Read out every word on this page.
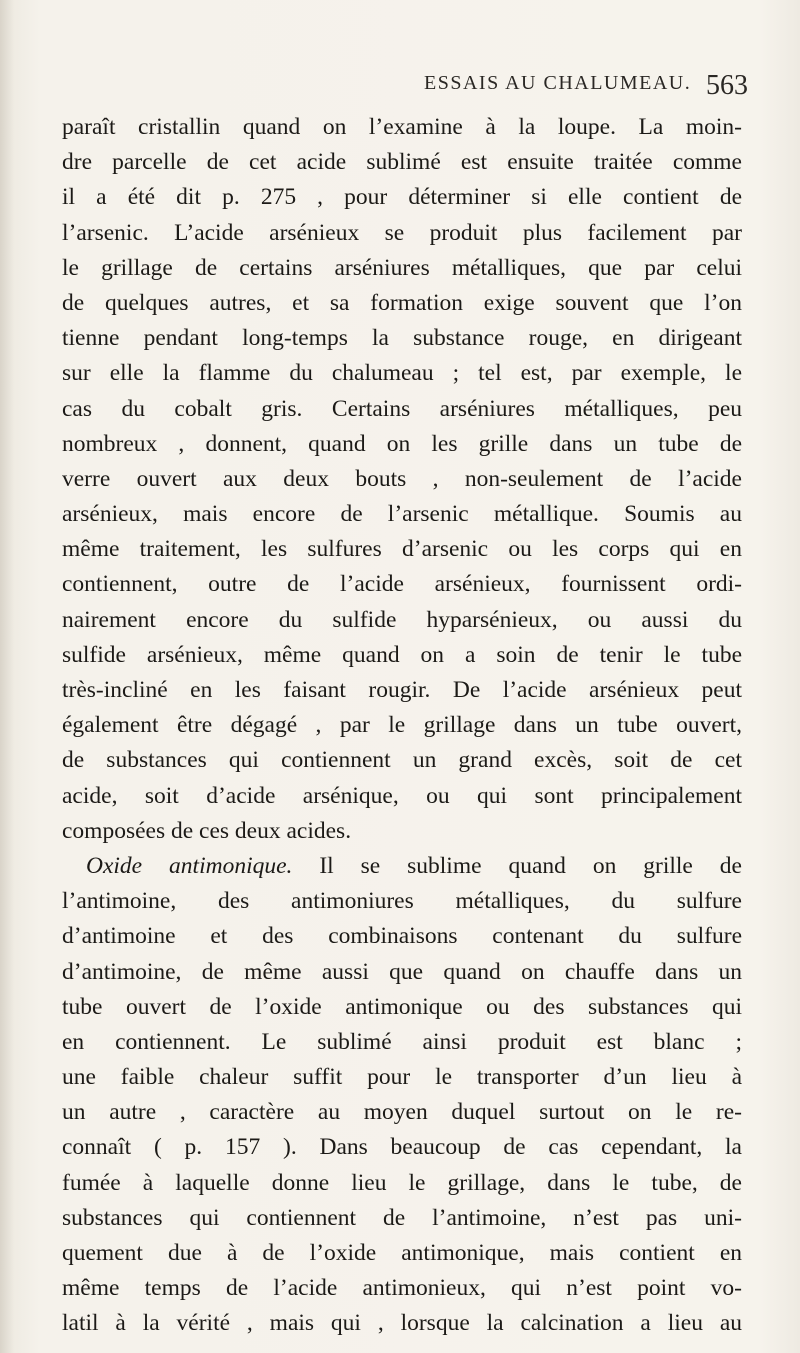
ESSAIS AU CHALUMEAU. 563
paraît cristallin quand on l’examine à la loupe. La moin-
dre parcelle de cet acide sublimé est ensuite traitée comme
il a été dit p. 275 , pour déterminer si elle contient de
l’arsenic. L’acide arsénieux se produit plus facilement par
le grillage de certains arséniures métalliques, que par celui
de quelques autres, et sa formation exige souvent que l’on
tienne pendant long-temps la substance rouge, en dirigeant
sur elle la flamme du chalumeau ; tel est, par exemple, le
cas du cobalt gris. Certains arséniures métalliques, peu
nombreux , donnent, quand on les grille dans un tube de
verre ouvert aux deux bouts , non-seulement de l’acide
arsénieux, mais encore de l’arsenic métallique. Soumis au
même traitement, les sulfures d’arsenic ou les corps qui en
contiennent, outre de l’acide arsénieux, fournissent ordi-
nairement encore du sulfide hyparsénieux, ou aussi du
sulfide arsénieux, même quand on a soin de tenir le tube
très-incliné en les faisant rougir. De l’acide arsénieux peut
également être dégagé , par le grillage dans un tube ouvert,
de substances qui contiennent un grand excès, soit de cet
acide, soit d’acide arsénique, ou qui sont principalement
composées de ces deux acides.
Oxide antimonique. Il se sublime quand on grille de
l’antimoine, des antimoniures métalliques, du sulfure
d’antimoine et des combinaisons contenant du sulfure
d’antimoine, de même aussi que quand on chauffe dans un
tube ouvert de l’oxide antimonique ou des substances qui
en contiennent. Le sublimé ainsi produit est blanc ;
une faible chaleur suffit pour le transporter d’un lieu à
un autre , caractère au moyen duquel surtout on le re-
connaît ( p. 157 ). Dans beaucoup de cas cependant, la
fumée à laquelle donne lieu le grillage, dans le tube, de
substances qui contiennent de l’antimoine, n’est pas uni-
quement due à de l’oxide antimonique, mais contient en
même temps de l’acide antimonieux, qui n’est point vo-
latil à la vérité , mais qui , lorsque la calcination a lieu au
